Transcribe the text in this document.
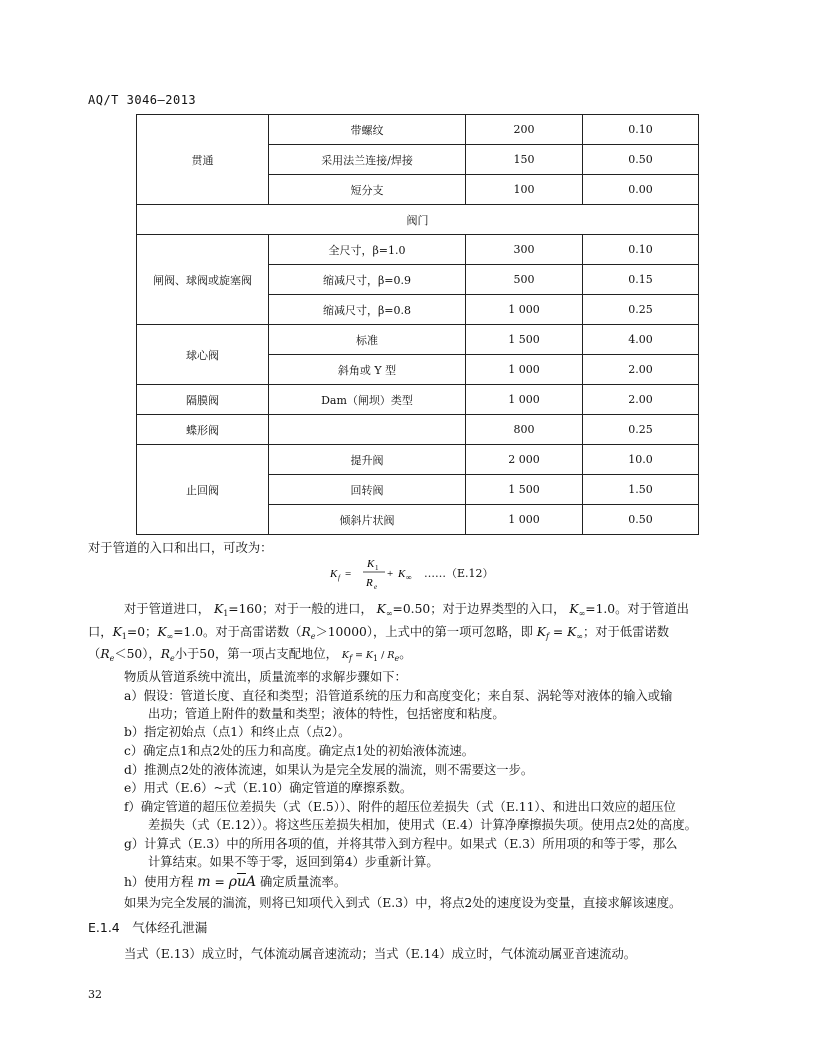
AQ/T 3046—2013
贯通	带螺纹	200	0.10
	采用法兰连接/焊接	150	0.50
	短分支	100	0.00
阀门			
闸阀、球阀或旋塞阀	全尺寸，β=1.0	300	0.10
	缩减尺寸，β=0.9	500	0.15
	缩减尺寸，β=0.8	1 000	0.25
球心阀	标准	1 500	4.00
	斜角或 Y 型	1 000	2.00
隔膜阀	Dam（闸坝）类型	1 000	2.00
蝶形阀		800	0.25
止回阀	提升阀	2 000	10.0
	回转阀	1 500	1.50
	倾斜片状阀	1 000	0.50
对于管道的入口和出口，可改为：
K f =
K 1
R e
+ K ∞ ……（E.12）
对于管道进口， $K_1=160$；对于一般的进口， $K_\infty=0.50$；对于边界类型的入口， $K_\infty=1.0$。对于管道出
口，$K_1=0$；$K_\infty=1.0$。对于高雷诺数$(R_e>10000)$，上式中的第一项可忽略，即 $K_f = K_\infty$；对于低雷诺数
$(R_e<50)$，$R_e$小于50，第一项占支配地位， $K_f = K_1 / R_e$。
物质从管道系统中流出，质量流率的求解步骤如下：
a）假设：管道长度、直径和类型；沿管道系统的压力和高度变化；来自泵、涡轮等对液体的输入或输
出功；管道上附件的数量和类型；液体的特性，包括密度和粘度。
b）指定初始点（点1）和终止点（点2）。
c）确定点1和点2处的压力和高度。确定点1处的初始液体流速。
d）推测点2处的液体流速，如果认为是完全发展的湍流，则不需要这一步。
e）用式（E.6）~式（E.10）确定管道的摩擦系数。
f）确定管道的超压位差损失（式（E.5））、附件的超压位差损失（式（E.11）、和进出口效应的超压位
差损失（式（E.12））。将这些压差损失相加，使用式（E.4）计算净摩擦损失项。使用点2处的高度。
g）计算式（E.3）中的所用各项的值，并将其带入到方程中。如果式（E.3）所用项的和等于零，那么
计算结束。如果不等于零，返回到第4）步重新计算。
h）使用方程 $m = \rho\overline{u}A$ 确定质量流率。
如果为完全发展的湍流，则将已知项代入到式（E.3）中，将点2处的速度设为变量，直接求解该速度。
E.1.4　气体经孔泄漏
当式（E.13）成立时，气体流动属音速流动；当式（E.14）成立时，气体流动属亚音速流动。
32
